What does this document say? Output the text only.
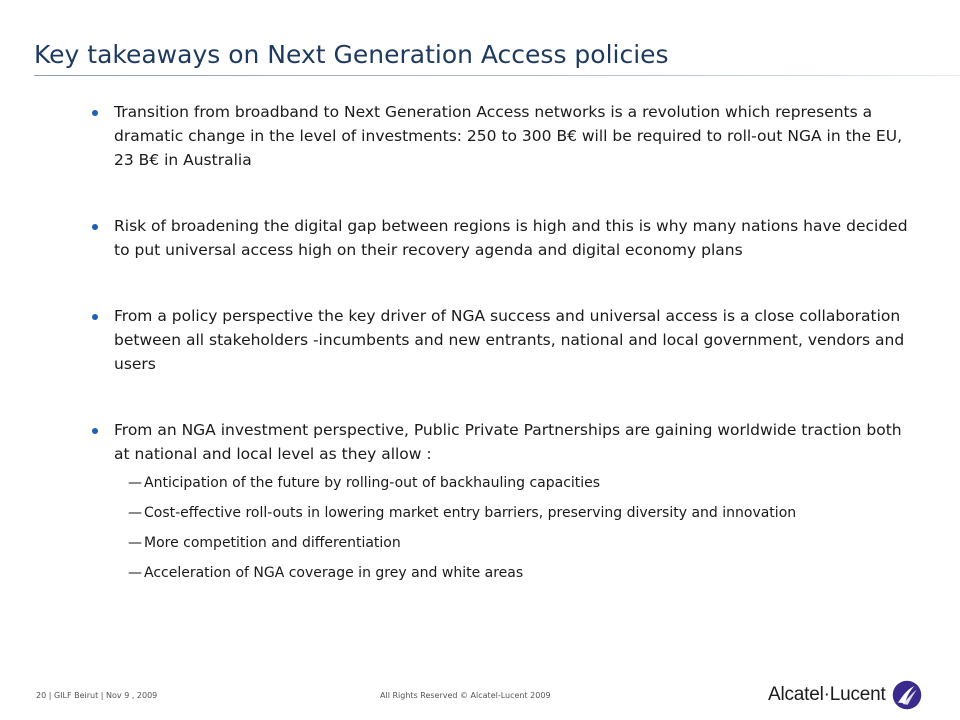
Key takeaways on Next Generation Access policies
Transition from broadband to Next Generation Access networks is a revolution which represents a dramatic change in the level of investments: 250 to 300 B€ will be required to roll-out NGA in the EU, 23 B€ in Australia
Risk of broadening the digital gap between regions is high and this is why many nations have decided to put universal access high on their recovery agenda and digital economy plans
From a policy perspective the key driver of NGA success and universal access is a close collaboration between all stakeholders -incumbents and new entrants, national and local government, vendors and users
From an NGA investment perspective, Public Private Partnerships are gaining worldwide traction both at national and local level as they allow :
— Anticipation of the future by rolling-out of backhauling capacities
— Cost-effective roll-outs in lowering market entry barriers, preserving diversity and innovation
— More competition and differentiation
— Acceleration of NGA coverage in grey and white areas
20 | GILF Beirut | Nov 9 , 2009	All Rights Reserved © Alcatel-Lucent 2009	Alcatel·Lucent
